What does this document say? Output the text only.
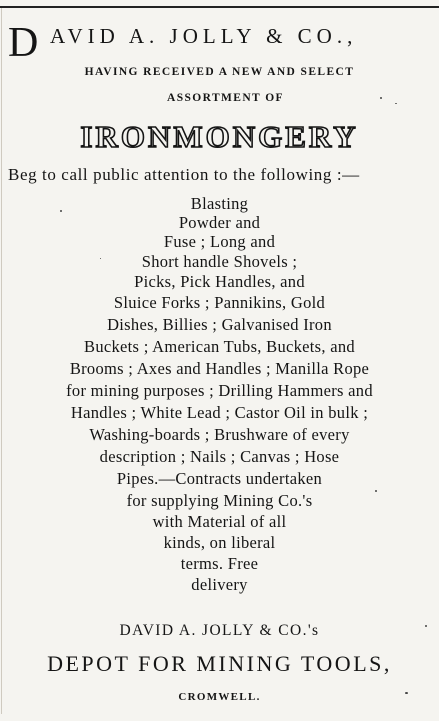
D AVID A. JOLLY & CO.,
HAVING RECEIVED A NEW AND SELECT
ASSORTMENT OF
IRONMONGERY
Beg to call public attention to the following :—
Blasting
Powder and
Fuse ; Long and
Short handle Shovels ;
Picks, Pick Handles, and
Sluice Forks ; Pannikins, Gold
Dishes, Billies ; Galvanised Iron
Buckets ; American Tubs, Buckets, and
Brooms ; Axes and Handles ; Manilla Rope
for mining purposes ; Drilling Hammers and
Handles ; White Lead ; Castor Oil in bulk ;
Washing-boards ; Brushware of every
description ; Nails ; Canvas ; Hose
Pipes.—Contracts undertaken
for supplying Mining Co.'s
with Material of all
kinds, on liberal
terms. Free
delivery
DAVID A. JOLLY & CO.'s
DEPOT FOR MINING TOOLS,
CROMWELL.
